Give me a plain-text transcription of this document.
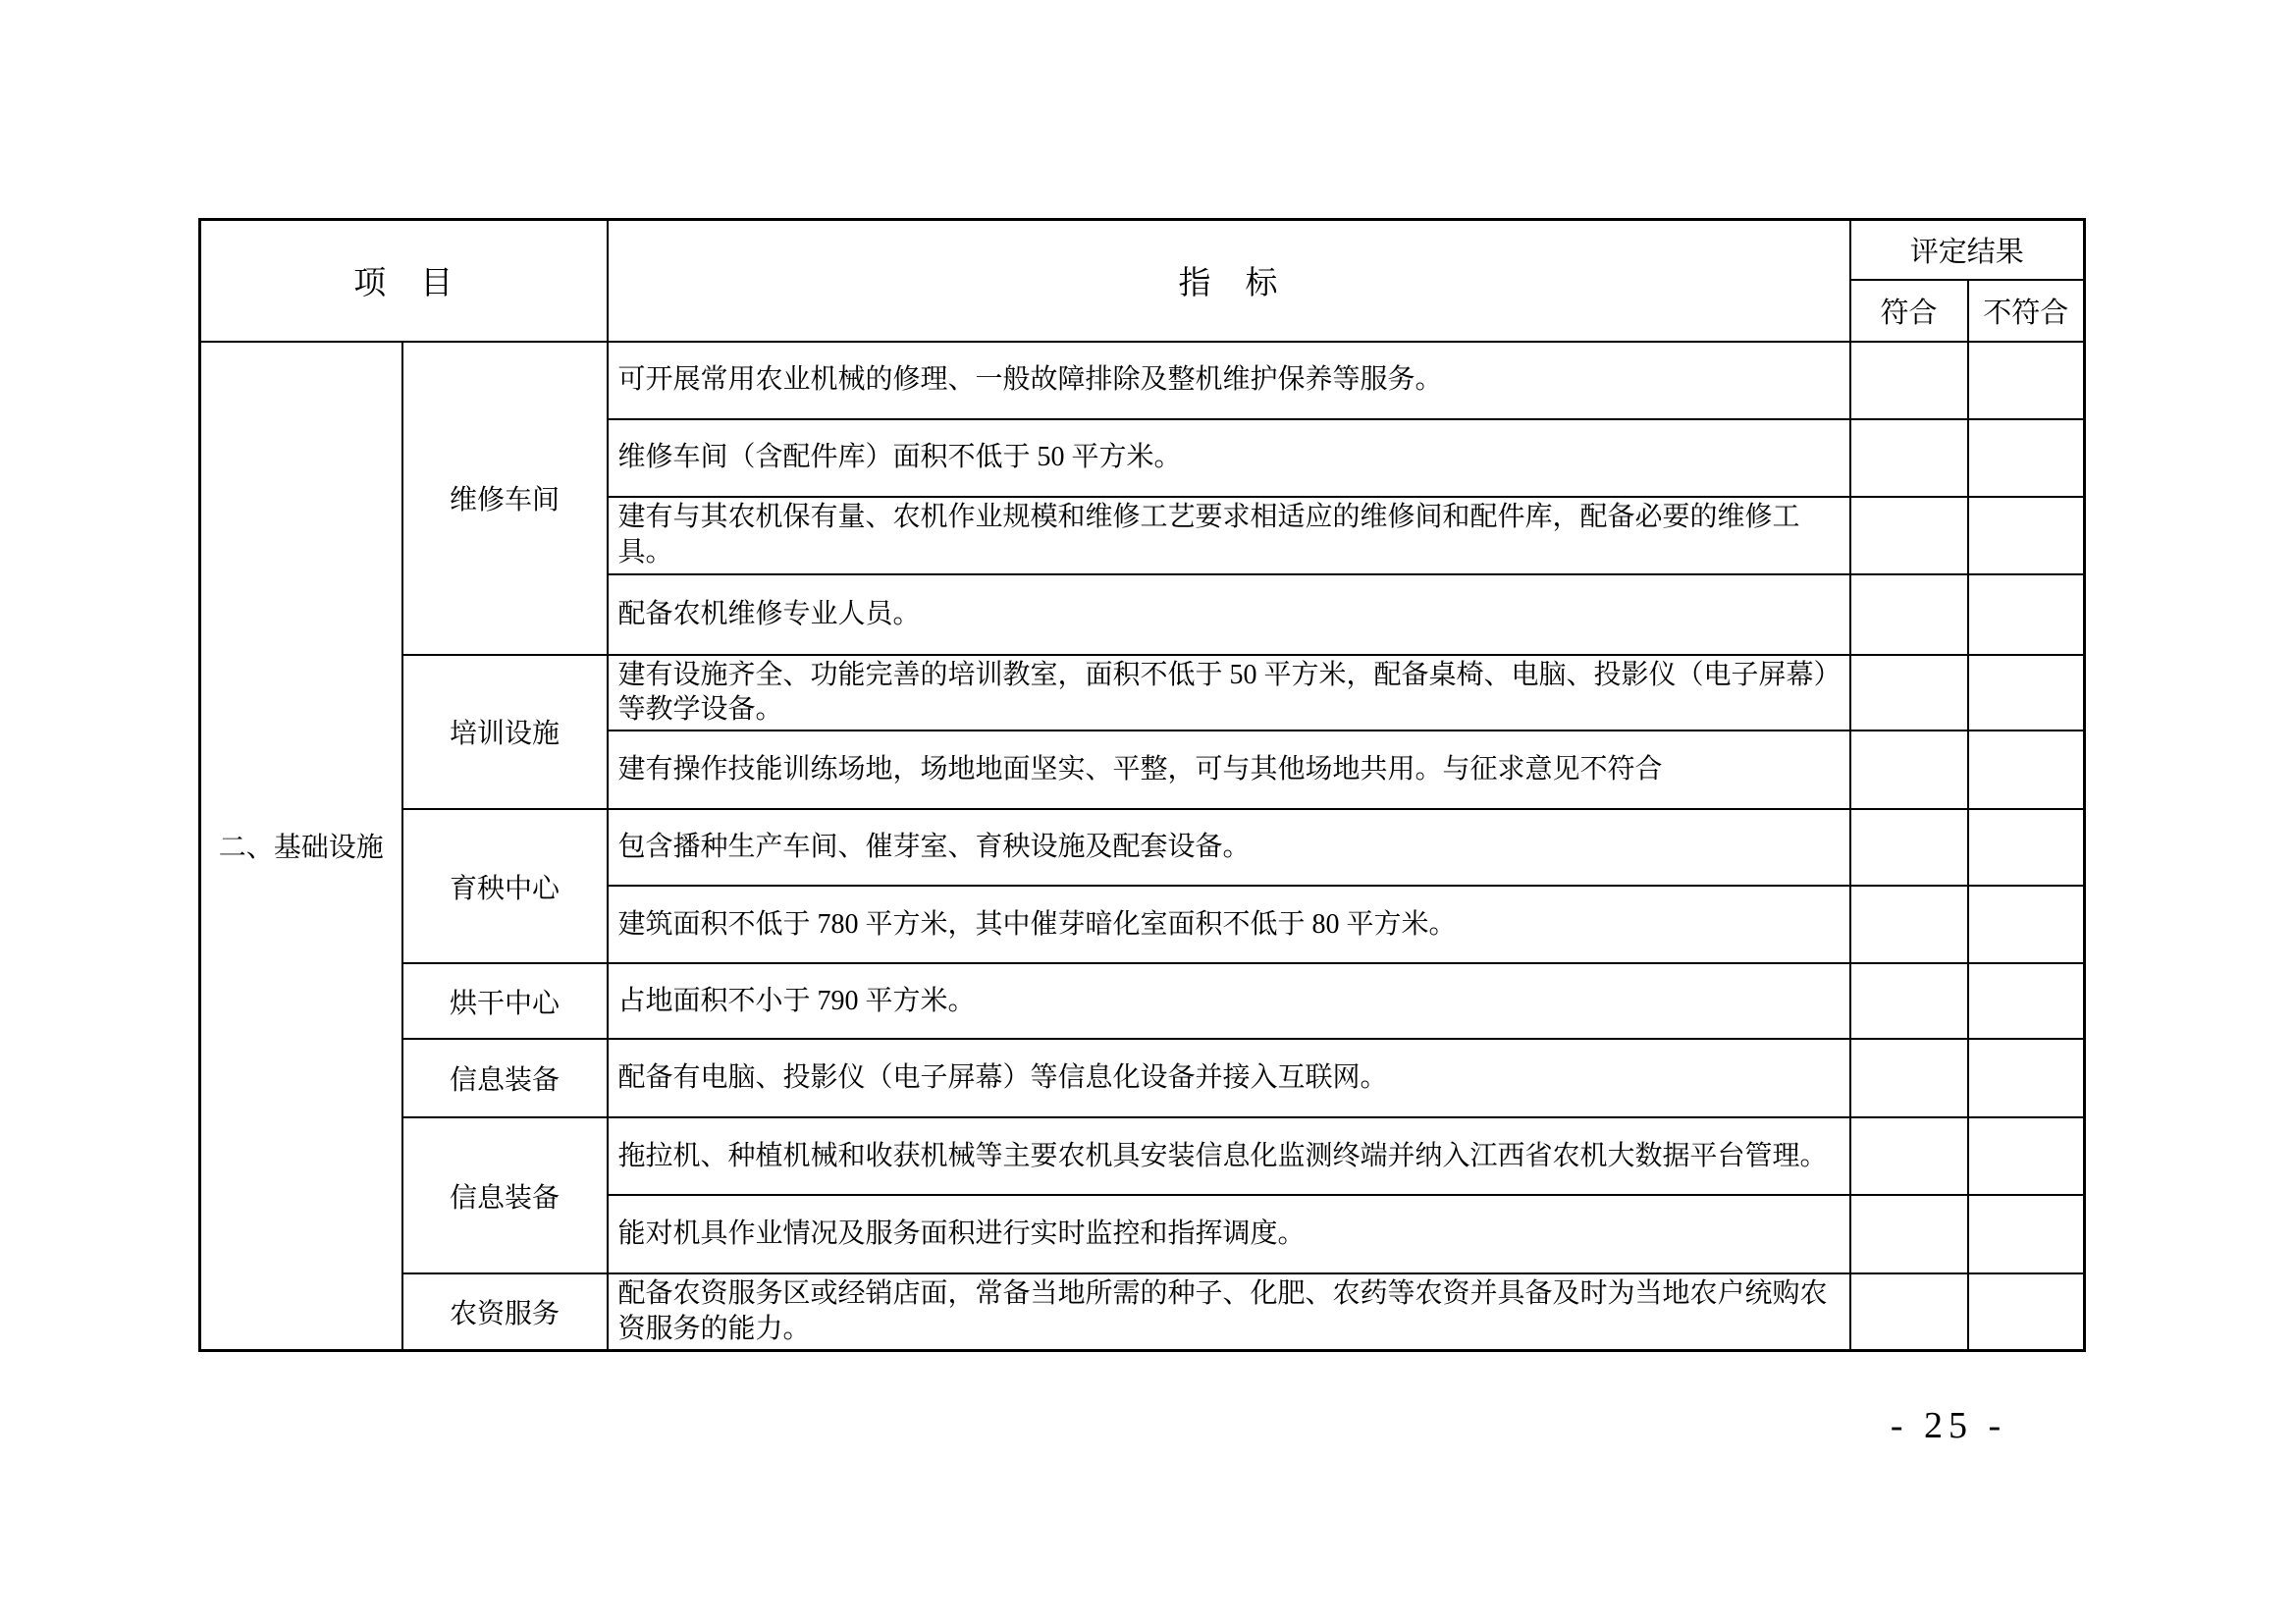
项　目		指　标	评定结果	
			符合	不符合
二、基础设施	维修车间	可开展常用农业机械的修理、一般故障排除及整机维护保养等服务。		
		维修车间（含配件库）面积不低于 50 平方米。		
		建有与其农机保有量、农机作业规模和维修工艺要求相适应的维修间和配件库，配备必要的维修工具。		
		配备农机维修专业人员。		
	培训设施	建有设施齐全、功能完善的培训教室，面积不低于 50 平方米，配备桌椅、电脑、投影仪（电子屏幕）等教学设备。		
		建有操作技能训练场地，场地地面坚实、平整，可与其他场地共用。与征求意见不符合		
	育秧中心	包含播种生产车间、催芽室、育秧设施及配套设备。		
		建筑面积不低于 780 平方米，其中催芽暗化室面积不低于 80 平方米。		
	烘干中心	占地面积不小于 790 平方米。		
	信息装备	配备有电脑、投影仪（电子屏幕）等信息化设备并接入互联网。		
	信息装备	拖拉机、种植机械和收获机械等主要农机具安装信息化监测终端并纳入江西省农机大数据平台管理。		
		能对机具作业情况及服务面积进行实时监控和指挥调度。		
	农资服务	配备农资服务区或经销店面，常备当地所需的种子、化肥、农药等农资并具备及时为当地农户统购农资服务的能力。		
- 25 -
